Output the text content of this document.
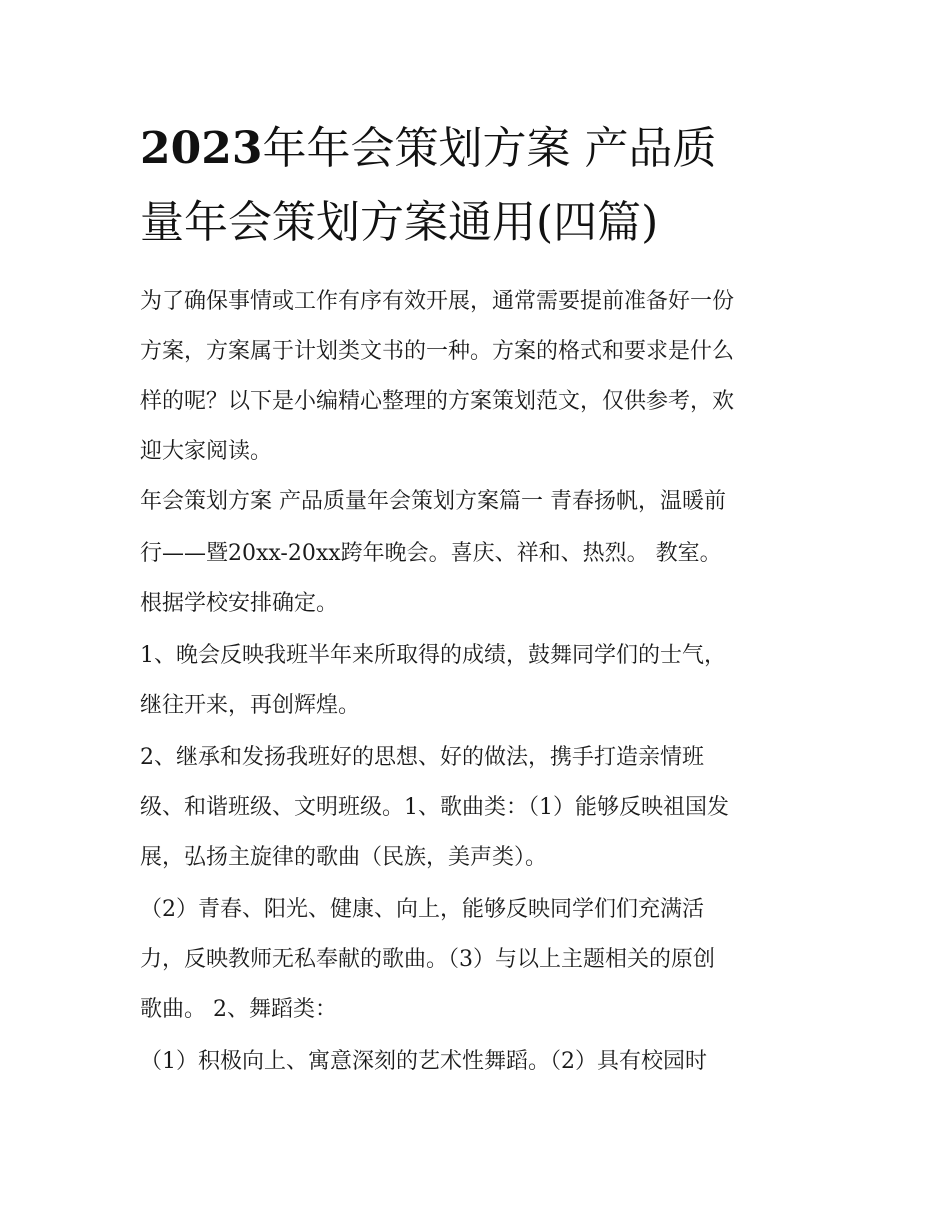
2023年年会策划方案 产品质
量年会策划方案通用(四篇)

为了确保事情或工作有序有效开展，通常需要提前准备好一份

方案，方案属于计划类文书的一种。方案的格式和要求是什么

样的呢？以下是小编精心整理的方案策划范文，仅供参考，欢

迎大家阅读。

年会策划方案 产品质量年会策划方案篇一 青春扬帆，温暖前

行——暨20xx-20xx跨年晚会。喜庆、祥和、热烈。 教室。

根据学校安排确定。

1、晚会反映我班半年来所取得的成绩，鼓舞同学们的士气，

继往开来，再创辉煌。

2、继承和发扬我班好的思想、好的做法，携手打造亲情班

级、和谐班级、文明班级。1、歌曲类：（1）能够反映祖国发

展，弘扬主旋律的歌曲（民族，美声类）。

（2）青春、阳光、健康、向上，能够反映同学们们充满活

力，反映教师无私奉献的歌曲。（3）与以上主题相关的原创

歌曲。 2、舞蹈类：

（1）积极向上、寓意深刻的艺术性舞蹈。（2）具有校园时
